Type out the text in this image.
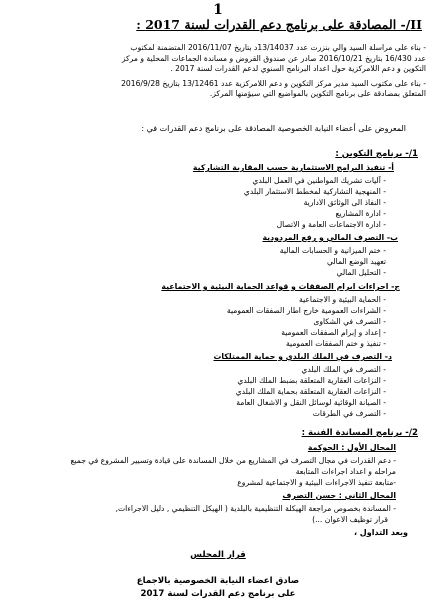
1
II/- المصادقة على برنامج دعم القدرات لسنة 2017 :
- بناء على مراسلة السيد والي بنزرت عدد 13/14037د بتاريخ 2016/11/07 المتضمنة لمكتوب
عدد 16/430 بتاريخ 2016/10/21 صادر عن صندوق القروض و مساندة الجماعات المحلية و مركز
التكوين و دعم اللامركزية حول اعداد البرنامج السنوي لدعم القدرات لسنة 2017 .
- بناء على مكتوب السيد مدير مركز التكوين و دعم اللامركزية عدد 13/12461 بتاريخ 2016/9/28
المتعلق بمصادقة على برنامج التكوين بالمواضيع التي سيؤمنها المركز.
المعروض على أعضاء النيابة الخصوصية المصادقة على برنامج دعم القدرات في :
1/- برنامج التكوين :
أ- تنفيذ البرامج الاستثمارية حسب المقاربة التشاركية
- آليات تشريك المواطنين في العمل البلدي
- المنهجية التشاركية لمخطط الاستثمار البلدي
- النفاذ الى الوثائق الادارية
- ادارة المشاريع
- ادارة الاجتماعات العامة و الاتصال
ب- التصرف المالي و رفع المردودية
- ختم الميزانية و الحسابات المالية
تعهيد الوضع المالي
- التحليل المالي
ج- اجراءات ابرام الصفقات و قواعد الحماية البيئية و الاجتماعية
- الحماية البيئية و الاجتماعية
- الشراءات العمومية خارج اطار الصفقات العمومية
- التصرف في الشكاوى
- إعداد و إبرام الصفقات العمومية
- تنفيذ و ختم الصفقات العمومية
د- التصرف في الملك البلدي و حماية الممتلكات
- التصرف في الملك البلدي
- النزاعات العقارية المتعلقة بضبط الملك البلدي
- النزاعات العقارية المتعلقة بحماية الملك البلدي
- الصيانة الوقائية لوسائل النقل و الاشغال العامة
- التصرف في الطرقات
2/- برنامج المساندة الفنية :
المجال الأول : الحوكمة
- دعم القدرات في مجال التصرف في المشاريع من خلال المساندة على قيادة وتسيير المشروع في جميع
مراحله و اعداد اجراءات المتابعة
-متابعة تنفيذ الاجراءات البيئية و الاجتماعية لمشروع
المجال الثاني : حسن التصرف
- المساندة بخصوص مراجعة الهيكلة التنظيمية بالبلدية ( الهيكل التنظيمي , دليل الاجراءات,
قرار توظيف الاعوان ...)
وبعد التداول ،
قرار المجلس
صادق اعضاء النيابة الخصوصية بالاجماع
على برنامج دعم القدرات لسنة 2017
